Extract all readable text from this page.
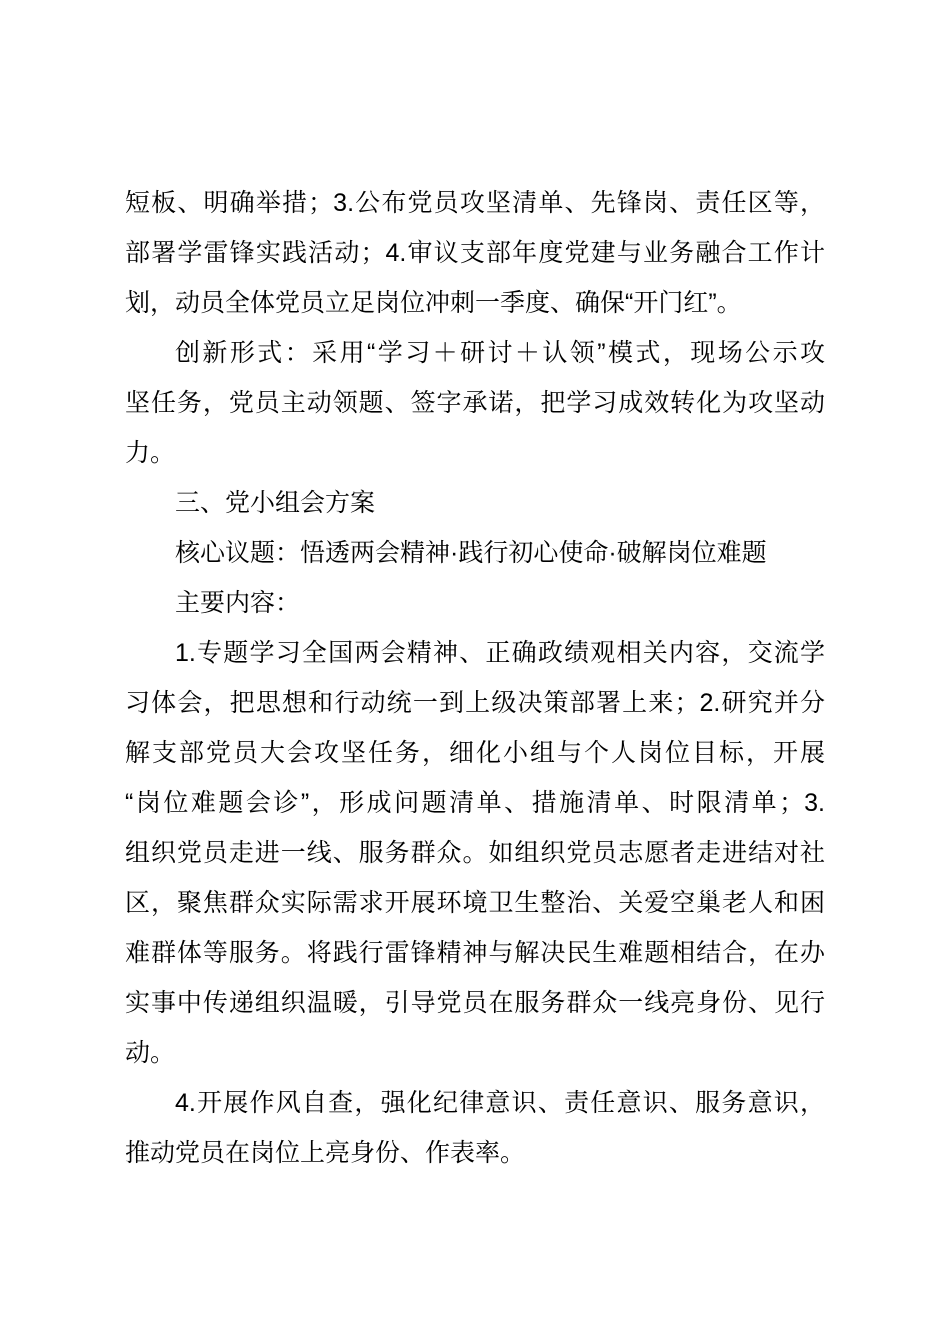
短板、明确举措；3.公布党员攻坚清单、先锋岗、责任区等，
部署学雷锋实践活动；4.审议支部年度党建与业务融合工作计
划，动员全体党员立足岗位冲刺一季度、确保“开门红”。
创新形式：采用“学习＋研讨＋认领”模式，现场公示攻
坚任务，党员主动领题、签字承诺，把学习成效转化为攻坚动
力。
三、党小组会方案
核心议题：悟透两会精神·践行初心使命·破解岗位难题
主要内容：
1.专题学习全国两会精神、正确政绩观相关内容，交流学
习体会，把思想和行动统一到上级决策部署上来；2.研究并分
解支部党员大会攻坚任务，细化小组与个人岗位目标，开展
“岗位难题会诊”，形成问题清单、措施清单、时限清单；3.
组织党员走进一线、服务群众。如组织党员志愿者走进结对社
区，聚焦群众实际需求开展环境卫生整治、关爱空巢老人和困
难群体等服务。将践行雷锋精神与解决民生难题相结合，在办
实事中传递组织温暖，引导党员在服务群众一线亮身份、见行
动。
4.开展作风自查，强化纪律意识、责任意识、服务意识，
推动党员在岗位上亮身份、作表率。
